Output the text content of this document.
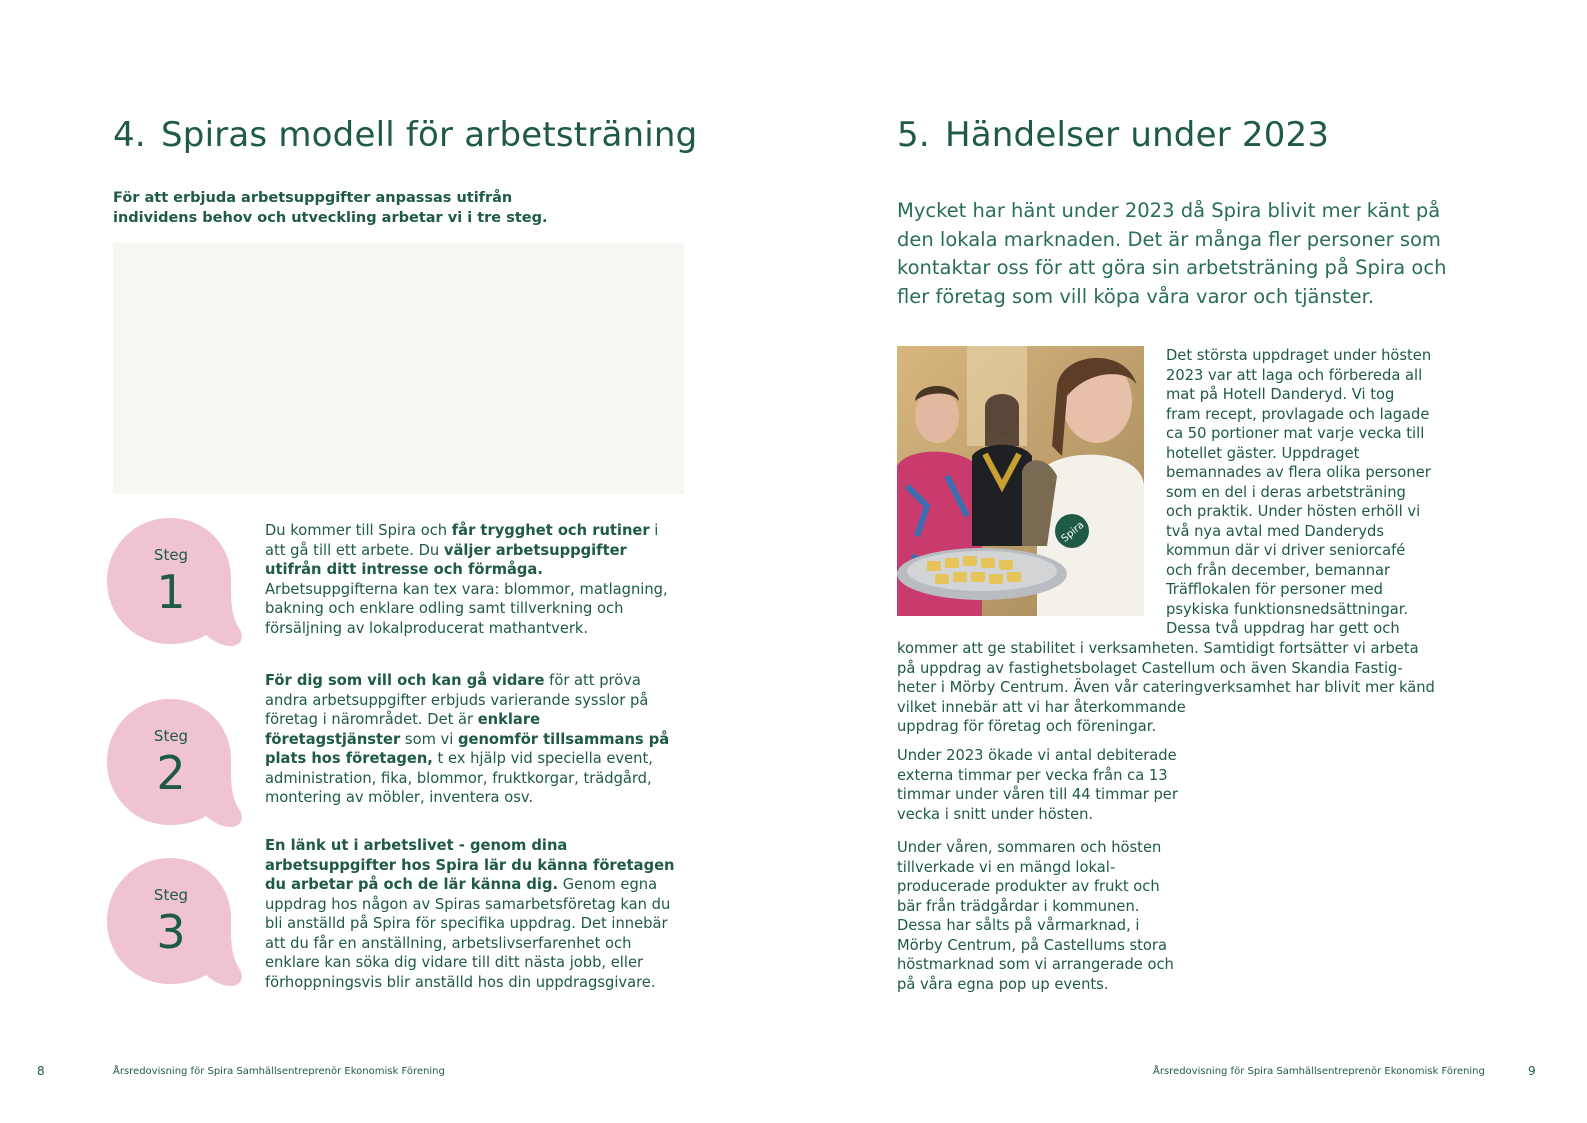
4. Spiras modell för arbetsträning
För att erbjuda arbetsuppgifter anpassas utifrån individens behov och utveckling arbetar vi i tre steg.
Steg
1
Du kommer till Spira och får trygghet och rutiner i att gå till ett arbete. Du väljer arbetsuppgifter utifrån ditt intresse och förmåga. Arbetsuppgifterna kan tex vara: blommor, matlagning, bakning och enklare odling samt tillverkning och försäljning av lokalproducerat mathantverk.
Steg
2
För dig som vill och kan gå vidare för att pröva andra arbetsuppgifter erbjuds varierande sysslor på företag i närområdet. Det är enklare företagstjänster som vi genomför tillsammans på plats hos företagen, t ex hjälp vid speciella event, administration, fika, blommor, fruktkorgar, trädgård, montering av möbler, inventera osv.
Steg
3
En länk ut i arbetslivet - genom dina arbetsuppgifter hos Spira lär du känna företagen du arbetar på och de lär känna dig. Genom egna uppdrag hos någon av Spiras samarbetsföretag kan du bli anställd på Spira för specifika uppdrag. Det innebär att du får en anställning, arbetslivserfarenhet och enklare kan söka dig vidare till ditt nästa jobb, eller förhoppningsvis blir anställd hos din uppdragsgivare.
8	Årsredovisning för Spira Samhällsentreprenör Ekonomisk Förening
5. Händelser under 2023
Mycket har hänt under 2023 då Spira blivit mer känt på den lokala marknaden. Det är många fler personer som kontaktar oss för att göra sin arbetsträning på Spira och fler företag som vill köpa våra varor och tjänster.
Spira
Det största uppdraget under hösten
2023 var att laga och förbereda all
mat på Hotell Danderyd. Vi tog
fram recept, provlagade och lagade
ca 50 portioner mat varje vecka till
hotellet gäster. Uppdraget
bemannades av flera olika personer
som en del i deras arbetsträning
och praktik. Under hösten erhöll vi
två nya avtal med Danderyds
kommun där vi driver seniorcafé
och från december, bemannar
Träfflokalen för personer med
psykiska funktionsnedsättningar.
Dessa två uppdrag har gett och
kommer att ge stabilitet i verksamheten. Samtidigt fortsätter vi arbeta
på uppdrag av fastighetsbolaget Castellum och även Skandia Fastig-
heter i Mörby Centrum. Även vår cateringverksamhet har blivit mer känd
vilket innebär att vi har återkommande
uppdrag för företag och föreningar.
Under 2023 ökade vi antal debiterade externa timmar per vecka från ca 13 timmar under våren till 44 timmar per vecka i snitt under hösten.
Under våren, sommaren och hösten tillverkade vi en mängd lokal-producerade produkter av frukt och bär från trädgårdar i kommunen. Dessa har sålts på vårmarknad, i Mörby Centrum, på Castellums stora höstmarknad som vi arrangerade och på våra egna pop up events.
Årsredovisning för Spira Samhällsentreprenör Ekonomisk Förening	9
